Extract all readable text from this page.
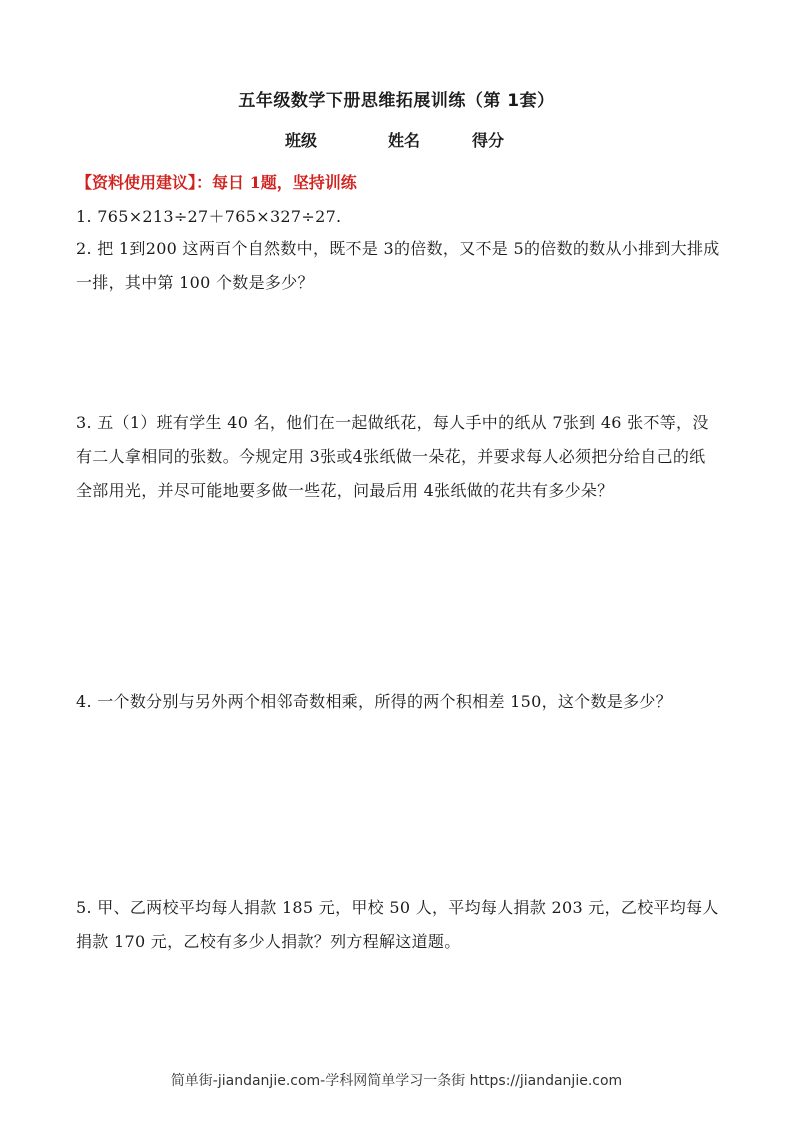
五年级数学下册思维拓展训练（第 1套）
班级	姓名	得分
【资料使用建议】：每日 1题，坚持训练
1. 765×213÷27＋765×327÷27.
2. 把 1到200 这两百个自然数中，既不是 3的倍数，又不是 5的倍数的数从小排到大排成一排，其中第 100 个数是多少？
3. 五（1）班有学生 40 名，他们在一起做纸花，每人手中的纸从 7张到 46 张不等，没有二人拿相同的张数。今规定用 3张或4张纸做一朵花，并要求每人必须把分给自己的纸全部用光，并尽可能地要多做一些花，问最后用 4张纸做的花共有多少朵？
4. 一个数分别与另外两个相邻奇数相乘，所得的两个积相差 150，这个数是多少？
5. 甲、乙两校平均每人捐款 185 元，甲校 50 人，平均每人捐款 203 元，乙校平均每人捐款 170 元，乙校有多少人捐款？列方程解这道题。
简单街-jiandanjie.com-学科网简单学习一条街 https://jiandanjie.com
